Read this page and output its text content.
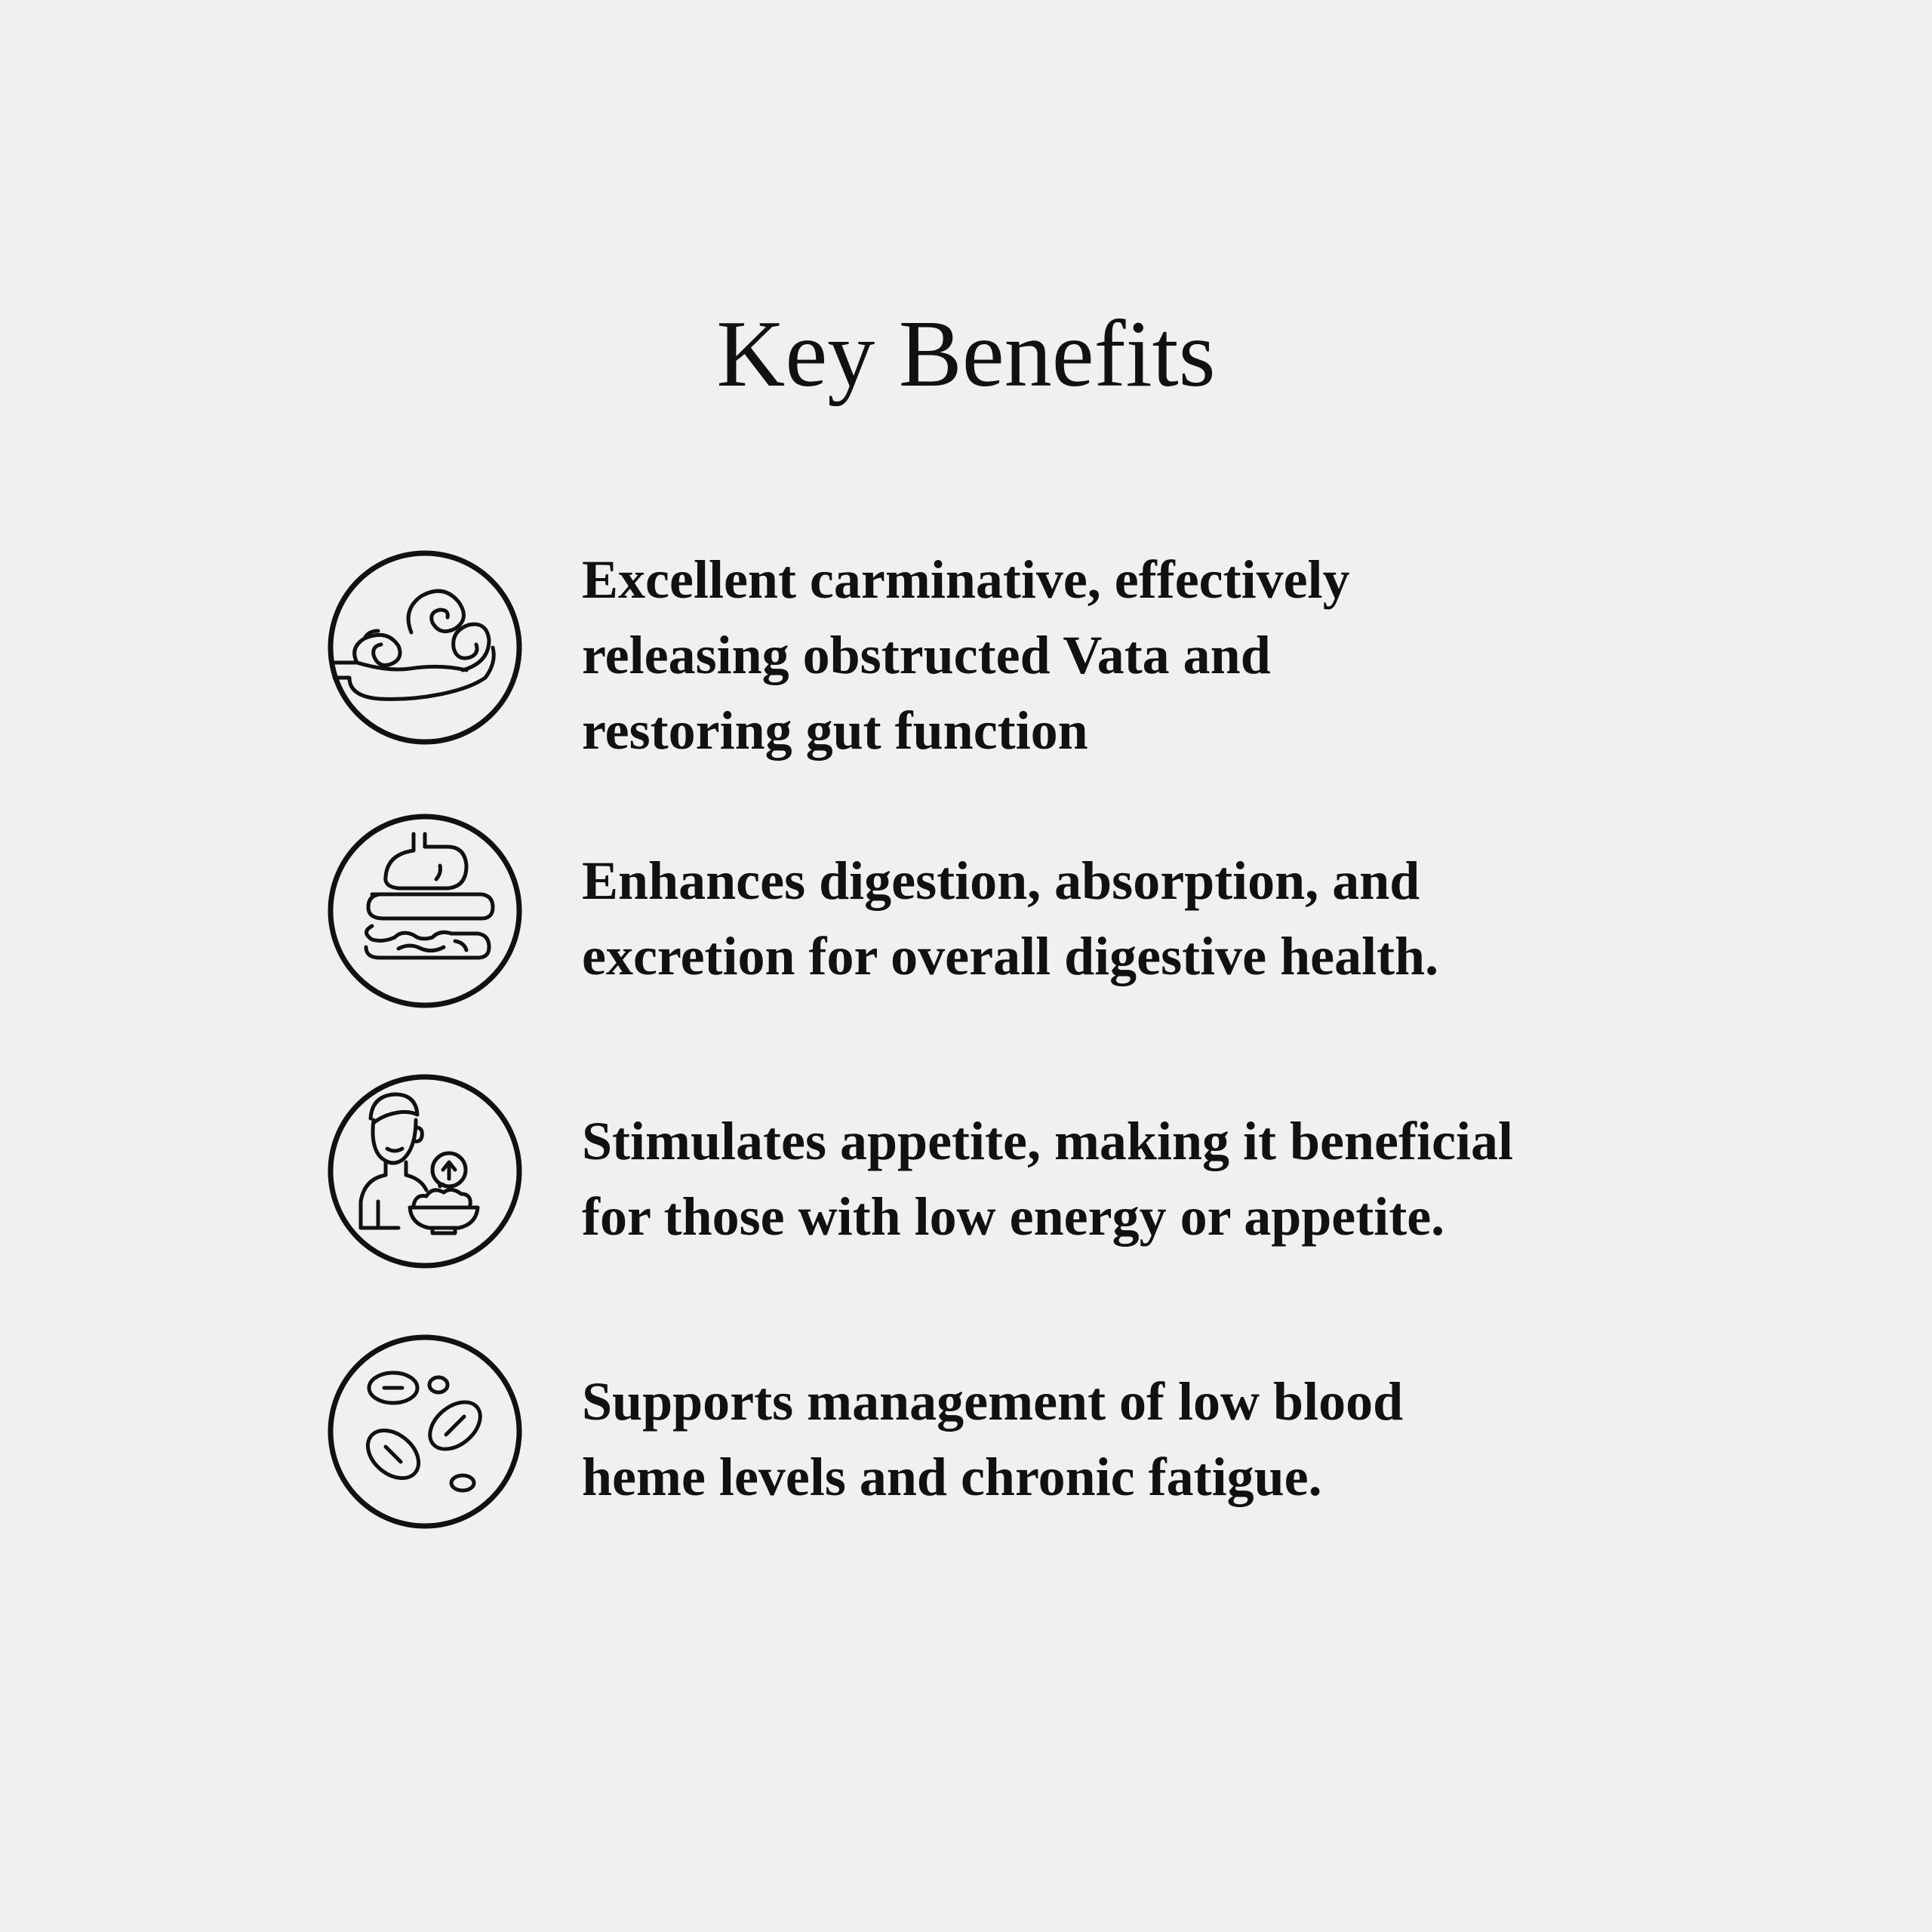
Key Benefits

Excellent carminative, effectively
releasing obstructed Vata and
restoring gut function

Enhances digestion, absorption, and
excretion for overall digestive health.

Stimulates appetite, making it beneficial
for those with low energy or appetite.

Supports management of low blood
heme levels and chronic fatigue.
